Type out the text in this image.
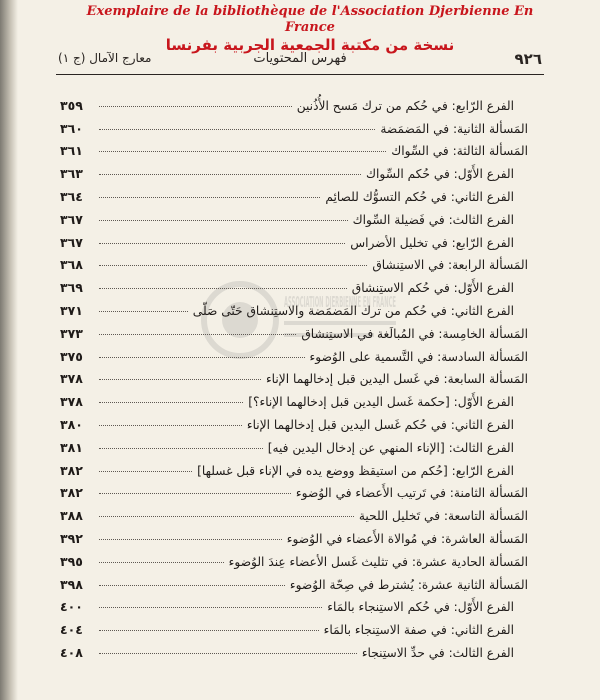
Exemplaire de la bibliothèque de l'Association Djerbienne En France
نسخة من مكتبة الجمعية الجربية بفرنسا
٩٢٦
فهرس المحتويات
معارج الآمال (ج ١)
ASSOCIATION DJERBIENNE EN FRANCE
الفرع الرّابع: في حُكم من ترك مَسح الأُذُنين
٣٥٩
المَسألة الثانية: في المَضمَضة
٣٦٠
المَسألة الثالثة: في السِّواك
٣٦١
الفرع الأَوّل: في حُكم السِّواك
٣٦٣
الفرع الثاني: في حُكم التسوُّك للصائِم
٣٦٤
الفرع الثالث: في فَضيلة السِّواك
٣٦٧
الفرع الرّابع: في تخليل الأضراس
٣٦٧
المَسألة الرابعة: في الاستِنشاق
٣٦٨
الفرع الأَوّل: في حُكم الاستِنشاق
٣٦٩
الفرع الثاني: في حُكم من ترك المَضمَضة والاستِنشاق حَتّى صَلّى
٣٧١
المَسألة الخامِسة: في المُبالَغة في الاستِنشاق
٣٧٣
المَسألة السادسة: في التَّسمية على الوُضوء
٣٧٥
المَسألة السابعة: في غَسل اليدين قبل إدخالهما الإناء
٣٧٨
الفرع الأَوّل: [حكمة غَسل اليدين قبل إدخالهما الإناء؟]
٣٧٨
الفرع الثاني: في حُكم غَسل اليدين قبل إدخالهما الإناء
٣٨٠
الفرع الثالث: [الإناء المنهي عن إدخال اليدين فيه]
٣٨١
الفرع الرّابع: [حُكم من استيقظ ووضع يده في الإناء قبل غسلها]
٣٨٢
المَسألة الثامنة: في تَرتيب الأَعضاء في الوُضوء
٣٨٢
المَسألة التاسعة: في تَخليل اللحية
٣٨٨
المَسألة العاشرة: في مُوالاة الأَعضاء في الوُضوء
٣٩٢
المَسألة الحادية عشرة: في تثليث غَسل الأعضاء عِندَ الوُضوء
٣٩٥
المَسألة الثانية عشرة: يُشترط في صِحّة الوُضوء
٣٩٨
الفرع الأَوّل: في حُكم الاستِنجاء بالمَاء
٤٠٠
الفرع الثاني: في صفة الاستِنجاء بالمَاء
٤٠٤
الفرع الثالث: في حدِّ الاستِنجاء
٤٠٨
